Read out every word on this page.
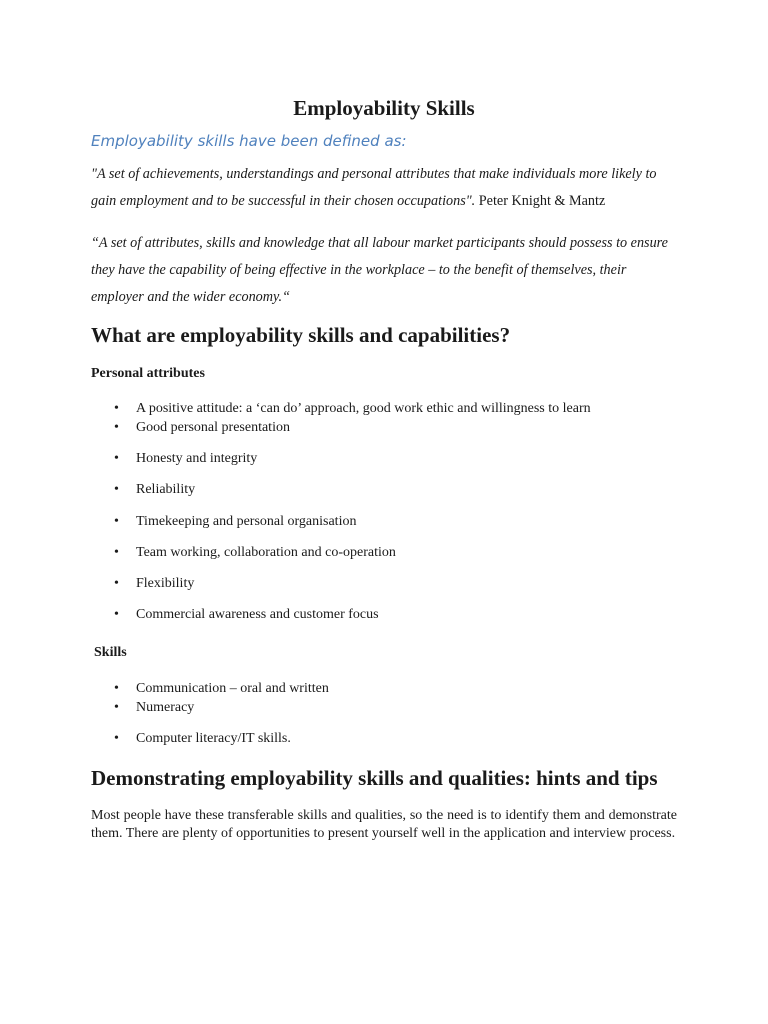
Employability Skills

Employability skills have been defined as:

"A set of achievements, understandings and personal attributes that make individuals more likely to gain employment and to be successful in their chosen occupations". Peter Knight & Mantz

“A set of attributes, skills and knowledge that all labour market participants should possess to ensure they have the capability of being effective in the workplace – to the benefit of themselves, their employer and the wider economy.“

What are employability skills and capabilities?

Personal attributes

• A positive attitude: a ‘can do’ approach, good work ethic and willingness to learn
• Good personal presentation
• Honesty and integrity
• Reliability
• Timekeeping and personal organisation
• Team working, collaboration and co-operation
• Flexibility
• Commercial awareness and customer focus

Skills

• Communication – oral and written
• Numeracy
• Computer literacy/IT skills.
Demonstrating employability skills and qualities: hints and tips

Most people have these transferable skills and qualities, so the need is to identify them and demonstrate them. There are plenty of opportunities to present yourself well in the application and interview process.
